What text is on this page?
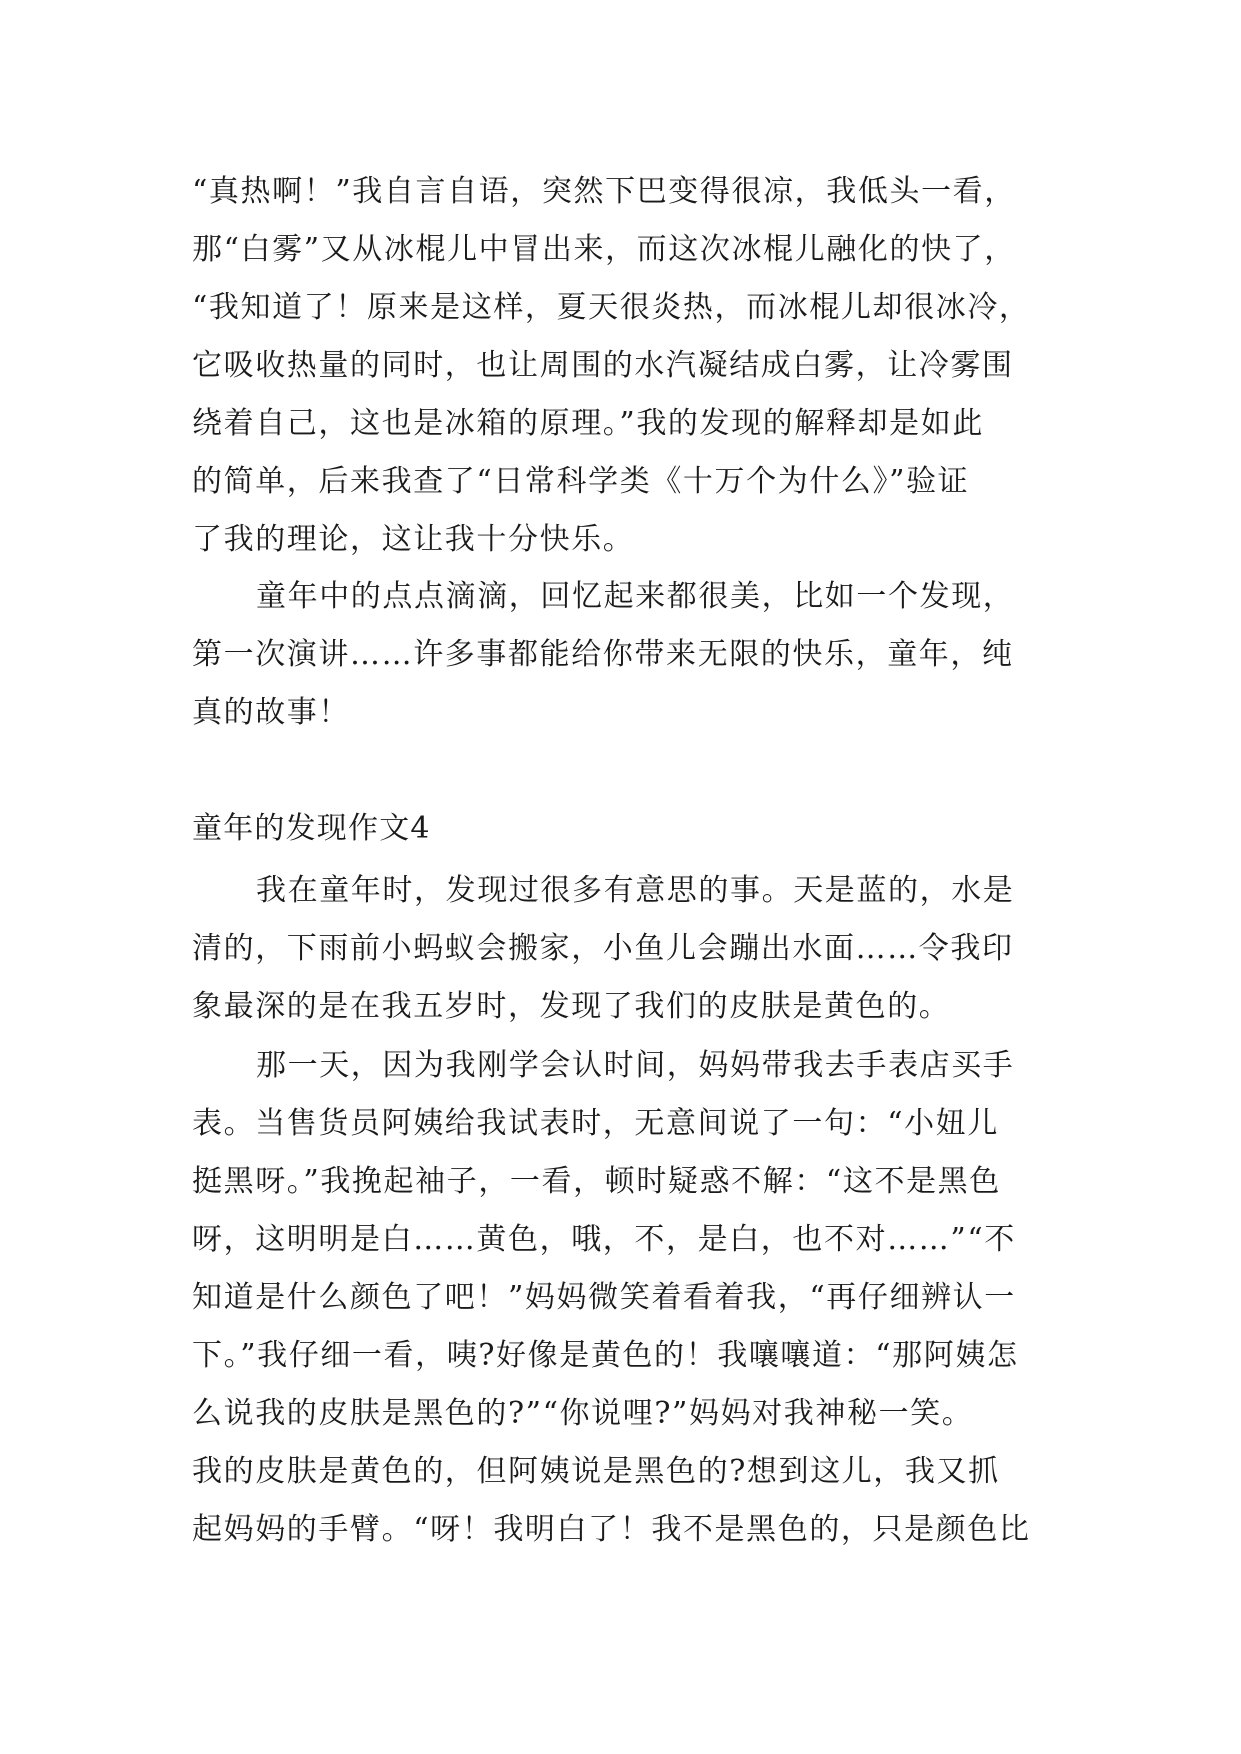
“真热啊！”我自言自语，突然下巴变得很凉，我低头一看，
那“白雾”又从冰棍儿中冒出来，而这次冰棍儿融化的快了，
“我知道了！原来是这样，夏天很炎热，而冰棍儿却很冰冷，
它吸收热量的同时，也让周围的水汽凝结成白雾，让冷雾围
绕着自己，这也是冰箱的原理。”我的发现的解释却是如此
的简单，后来我查了“日常科学类《十万个为什么》”验证
了我的理论，这让我十分快乐。
童年中的点点滴滴，回忆起来都很美，比如一个发现，
第一次演讲……许多事都能给你带来无限的快乐，童年，纯
真的故事！
童年的发现作文4
我在童年时，发现过很多有意思的事。天是蓝的，水是
清的，下雨前小蚂蚁会搬家，小鱼儿会蹦出水面……令我印
象最深的是在我五岁时，发现了我们的皮肤是黄色的。
那一天，因为我刚学会认时间，妈妈带我去手表店买手
表。当售货员阿姨给我试表时，无意间说了一句：“小妞儿
挺黑呀。”我挽起袖子，一看，顿时疑惑不解：“这不是黑色
呀，这明明是白……黄色，哦，不，是白，也不对……”“不
知道是什么颜色了吧！”妈妈微笑着看着我，“再仔细辨认一
下。”我仔细一看，咦?好像是黄色的！我嚷嚷道：“那阿姨怎
么说我的皮肤是黑色的?”“你说哩?”妈妈对我神秘一笑。
我的皮肤是黄色的，但阿姨说是黑色的?想到这儿，我又抓
起妈妈的手臂。“呀！我明白了！我不是黑色的，只是颜色比
